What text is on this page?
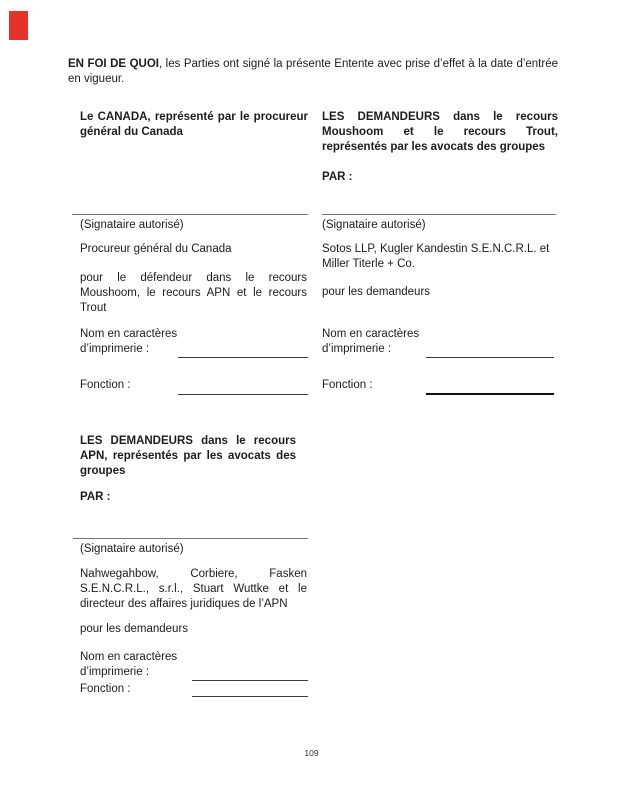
EN FOI DE QUOI, les Parties ont signé la présente Entente avec prise d’effet à la date d’entrée en vigueur.

Le CANADA, représenté par le procureur général du Canada

(Signataire autorisé)

Procureur général du Canada

pour le défendeur dans le recours Moushoom, le recours APN et le recours Trout

Nom en caractères d’imprimerie :

Fonction :

LES DEMANDEURS dans le recours Moushoom et le recours Trout, représentés par les avocats des groupes

PAR :

(Signataire autorisé)

Sotos LLP, Kugler Kandestin S.E.N.C.R.L. et Miller Titerle + Co.

pour les demandeurs

Nom en caractères d’imprimerie :

Fonction :

LES DEMANDEURS dans le recours APN, représentés par les avocats des groupes

PAR :

(Signataire autorisé)

Nahwegahbow, Corbiere, Fasken S.E.N.C.R.L., s.r.l., Stuart Wuttke et le directeur des affaires juridiques de l’APN

pour les demandeurs

Nom en caractères d’imprimerie :

Fonction :

109
